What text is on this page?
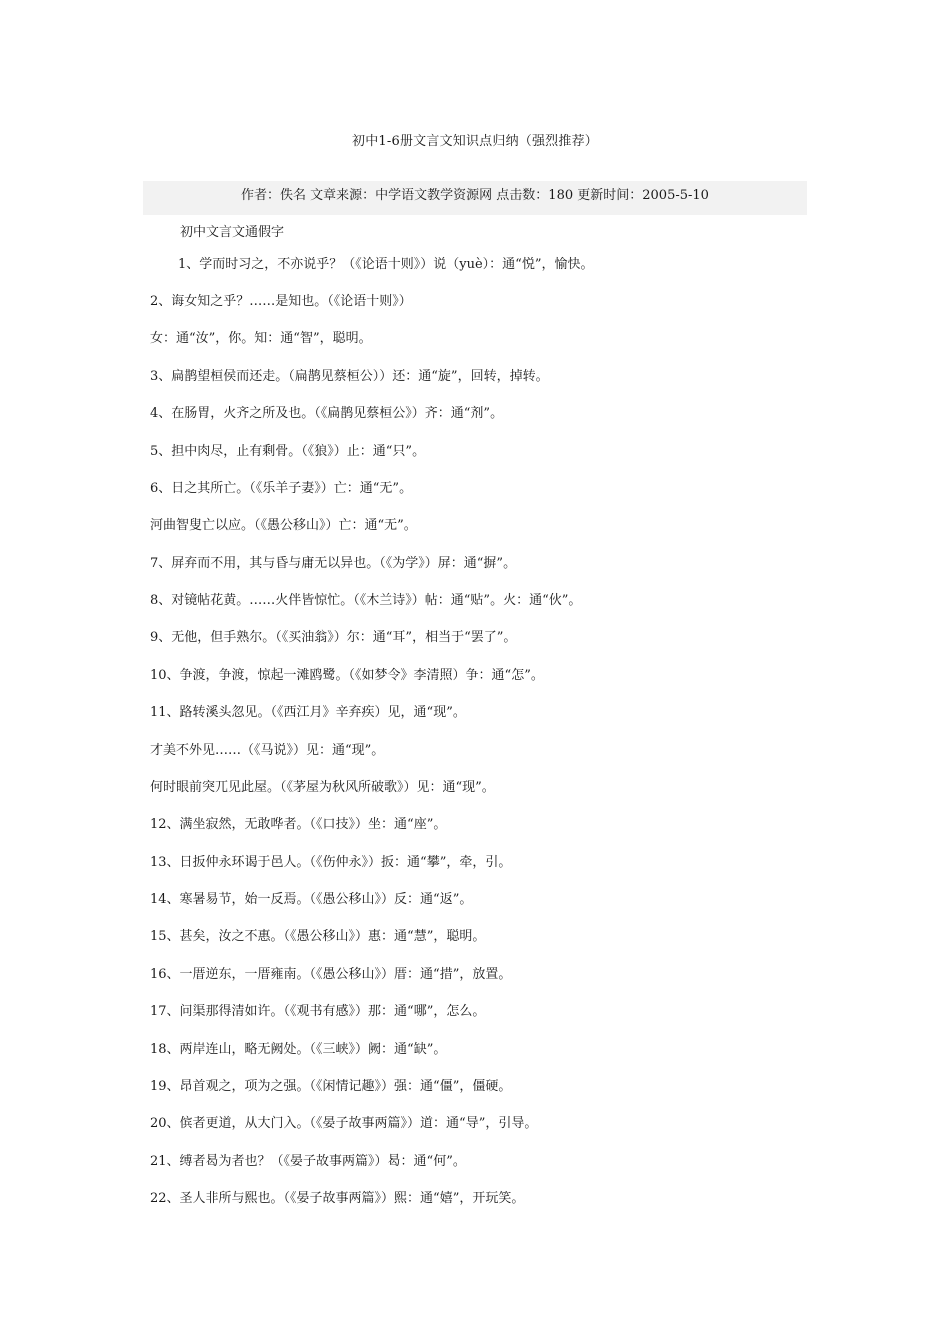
初中1-6册文言文知识点归纳（强烈推荐）
作者：佚名 文章来源：中学语文教学资源网 点击数：180 更新时间：2005-5-10
初中文言文通假字
1、学而时习之，不亦说乎？（《论语十则》）说（yuè）：通“悦”，愉快。
2、诲女知之乎？……是知也。（《论语十则》）
女：通“汝”，你。知：通“智”，聪明。
3、扁鹊望桓侯而还走。（扁鹊见蔡桓公））还：通“旋”，回转，掉转。
4、在肠胃，火齐之所及也。（《扁鹊见蔡桓公》）齐：通“剂”。
5、担中肉尽，止有剩骨。（《狼》）止：通“只”。
6、日之其所亡。（《乐羊子妻》）亡：通“无”。
河曲智叟亡以应。（《愚公移山》）亡：通“无”。
7、屏弃而不用，其与昏与庸无以异也。（《为学》）屏：通“摒”。
8、对镜帖花黄。……火伴皆惊忙。（《木兰诗》）帖：通“贴”。火：通“伙”。
9、无他，但手熟尔。（《买油翁》）尔：通“耳”，相当于“罢了”。
10、争渡，争渡，惊起一滩鸥鹭。（《如梦令》李清照）争：通“怎”。
11、路转溪头忽见。（《西江月》辛弃疾）见，通“现”。
才美不外见……（《马说》）见：通“现”。
何时眼前突兀见此屋。（《茅屋为秋风所破歌》）见：通“现”。
12、满坐寂然，无敢哗者。（《口技》）坐：通“座”。
13、日扳仲永环谒于邑人。（《伤仲永》）扳：通“攀”，牵，引。
14、寒暑易节，始一反焉。（《愚公移山》）反：通“返”。
15、甚矣，汝之不惠。（《愚公移山》）惠：通“慧”，聪明。
16、一厝逆东，一厝雍南。（《愚公移山》）厝：通“措”，放置。
17、问渠那得清如许。（《观书有感》）那：通“哪”，怎么。
18、两岸连山，略无阙处。（《三峡》）阙：通“缺”。
19、昂首观之，项为之强。（《闲情记趣》）强：通“僵”，僵硬。
20、傧者更道，从大门入。（《晏子故事两篇》）道：通“导”，引导。
21、缚者曷为者也？（《晏子故事两篇》）曷：通“何”。
22、圣人非所与熙也。（《晏子故事两篇》）熙：通“嬉”，开玩笑。
